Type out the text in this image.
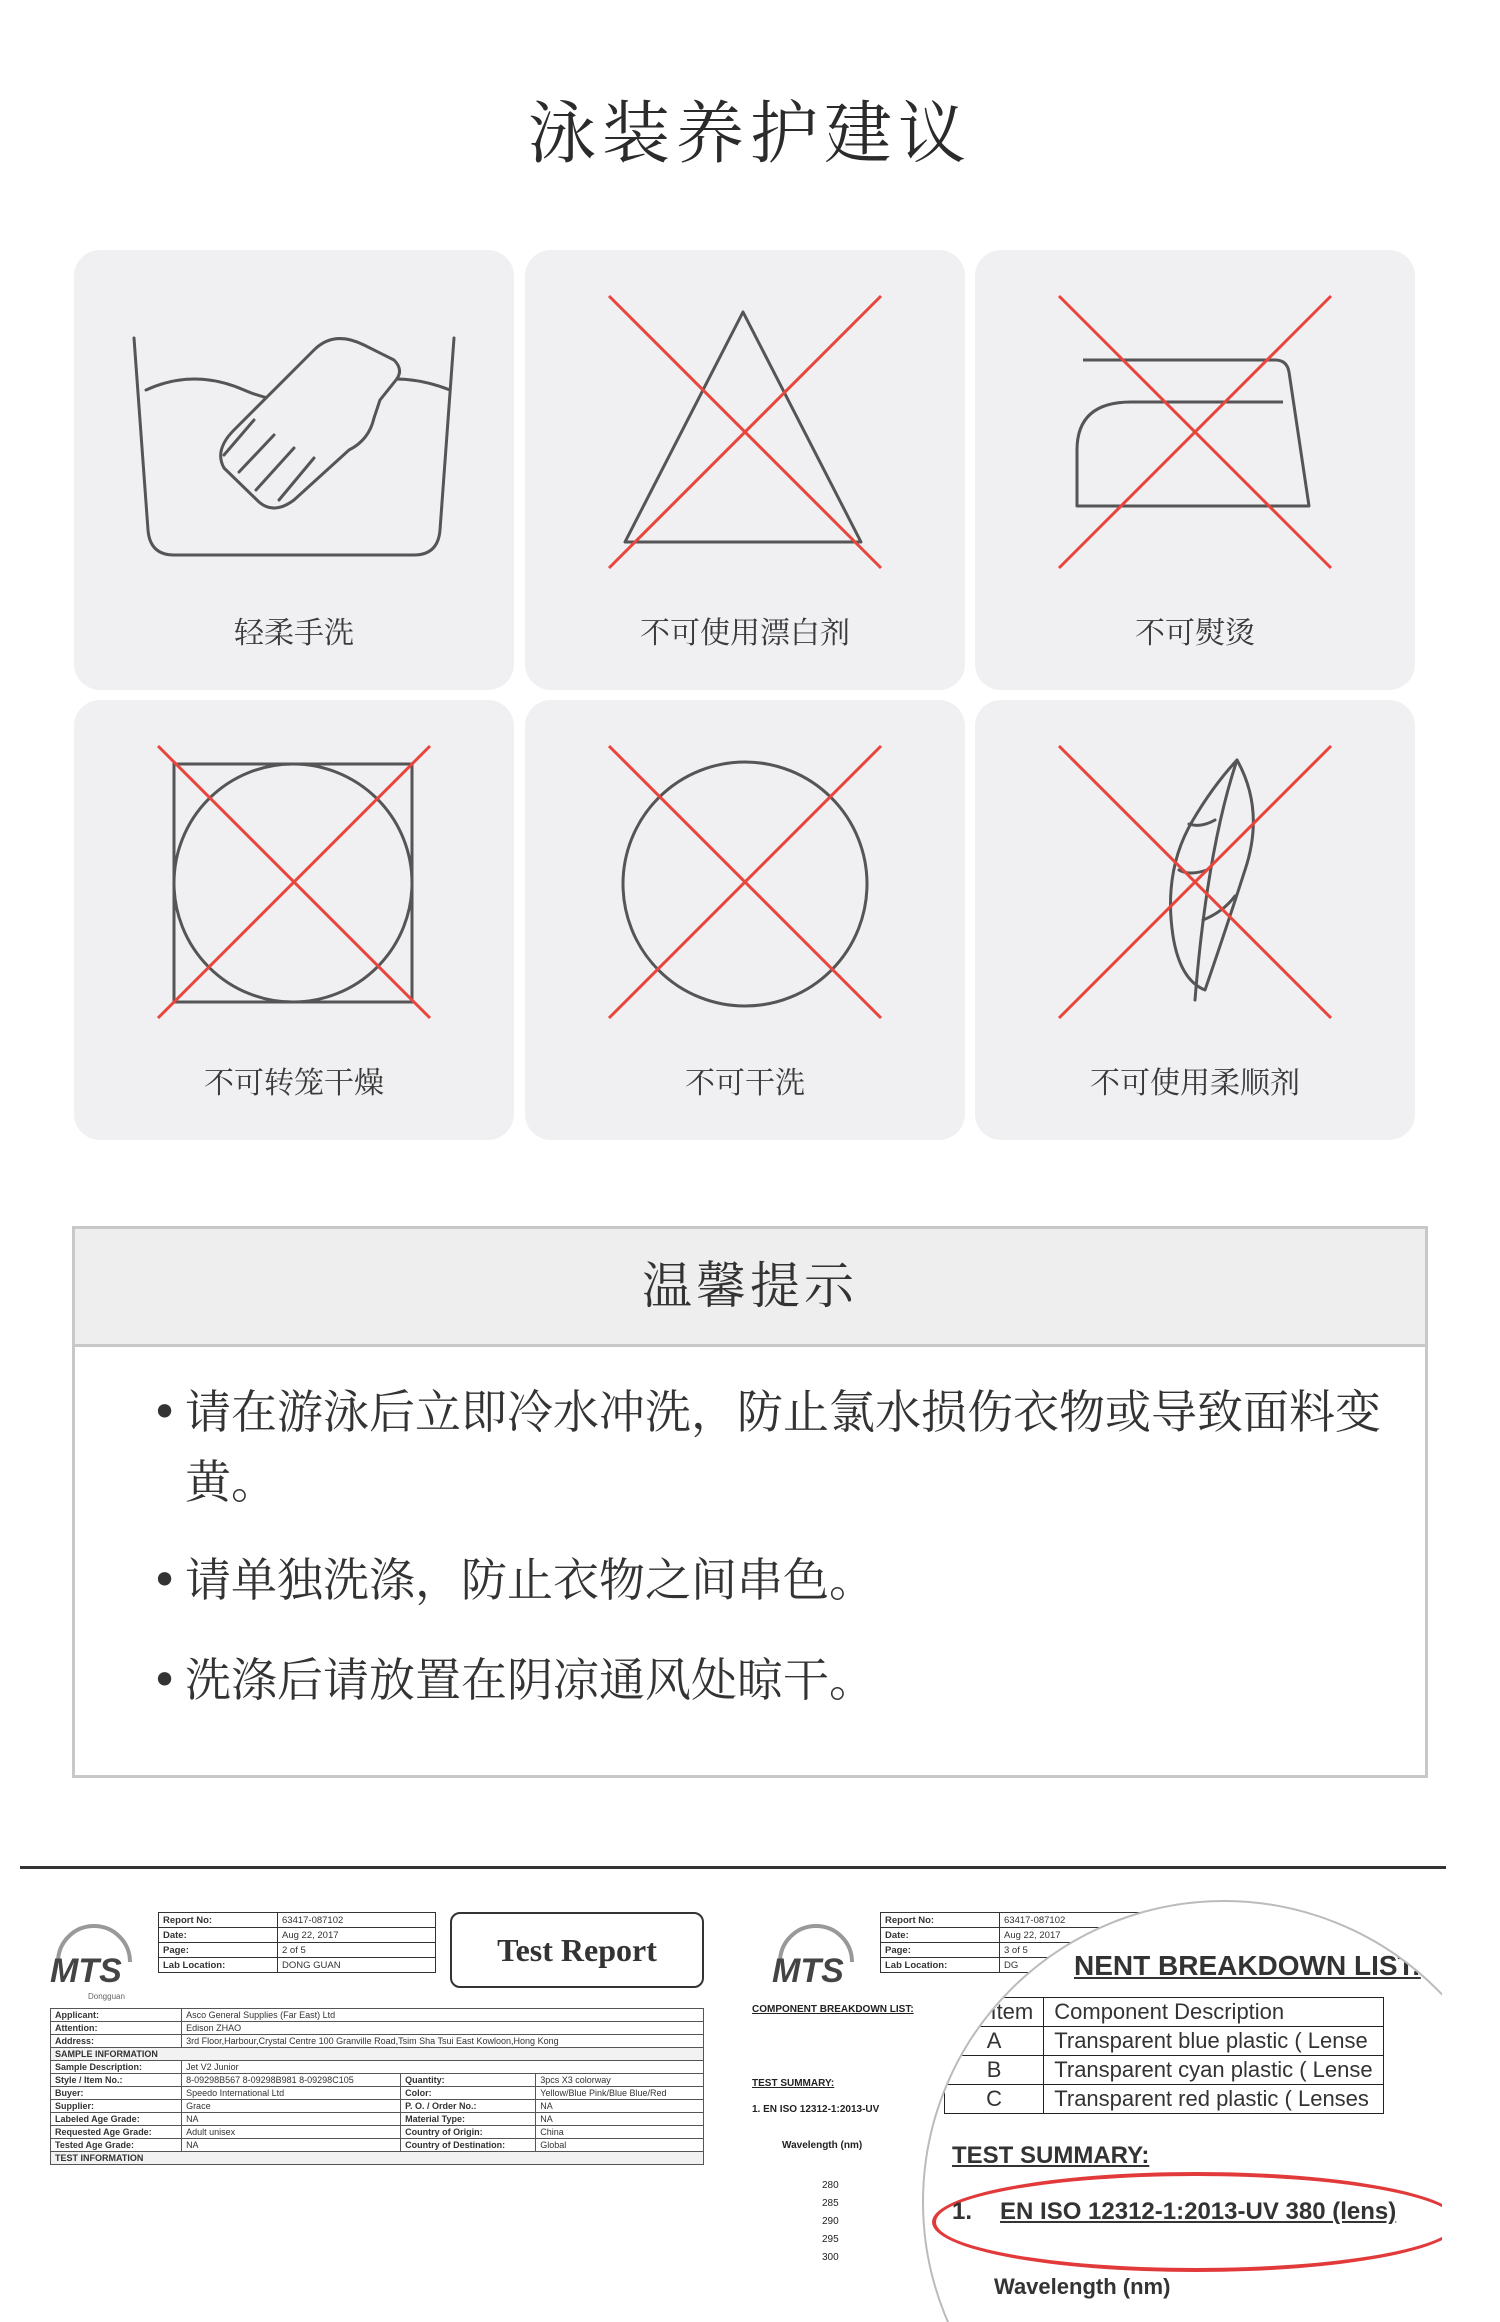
泳装养护建议
轻柔手洗	不可使用漂白剂	不可熨烫
不可转笼干燥	不可干洗	不可使用柔顺剂
温馨提示
• 请在游泳后立即冷水冲洗，防止氯水损伤衣物或导致面料变黄。
• 请单独洗涤，防止衣物之间串色。
• 洗涤后请放置在阴凉通风处晾干。
MTS
Dongguan
Report No:	63417-087102
Date:	Aug 22, 2017
Page:	2 of 5
Lab Location:	DONG GUAN	Test Report
Applicant:	Asco General Supplies (Far East) Ltd		
Attention:	Edison ZHAO		
Address:	3rd Floor,Harbour,Crystal Centre 100 Granville Road,Tsim Sha Tsui East Kowloon,Hong Kong		
SAMPLE INFORMATION			
Sample Description:	Jet V2 Junior		
Style / Item No.:	8-09298B567 8-09298B981 8-09298C105	Quantity:	3pcs X3 colorway
Buyer:	Speedo International Ltd	Color:	Yellow/Blue Pink/Blue Blue/Red
Supplier:	Grace	P. O. / Order No.:	NA
Labeled Age Grade:	NA	Material Type:	NA
Requested Age Grade:	Adult unisex	Country of Origin:	China
Tested Age Grade:	NA	Country of Destination:	Global
TEST INFORMATION			
MTS
Report No:	63417-087102
Date:	Aug 22, 2017
Page:	3 of 5
Lab Location:	DG
COMPONENT BREAKDOWN LIST:
TEST SUMMARY:
1. EN ISO 12312-1:2013-UV
Wavelength (nm)
280
285
290
295
300
NENT BREAKDOWN LIST:
est Item	Component Description
A	Transparent blue plastic ( Lense
B	Transparent cyan plastic ( Lense
C	Transparent red plastic ( Lenses
TEST SUMMARY:
1. EN ISO 12312-1:2013-UV 380 (lens)
Wavelength (nm)
